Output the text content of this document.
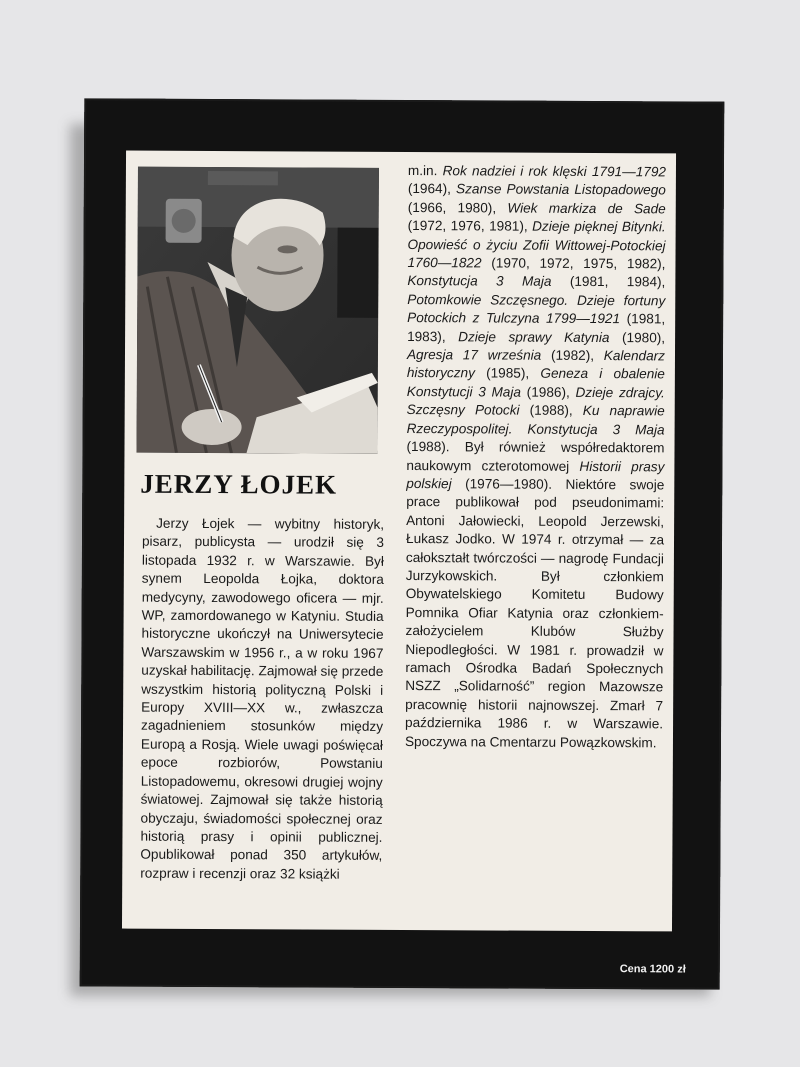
JERZY ŁOJEK
Jerzy Łojek — wybitny historyk, pisarz, publicysta — urodził się 3 listopada 1932 r. w Warszawie. Był synem Leopolda Łojka, doktora medycyny, zawodowego oficera — mjr. WP, zamordowanego w Katyniu. Studia historyczne ukończył na Uniwersytecie Warszawskim w 1956 r., a w roku 1967 uzyskał habilitację. Zajmował się przede wszystkim historią polityczną Polski i Europy XVIII—XX w., zwłaszcza zagadnieniem stosunków między Europą a Rosją. Wiele uwagi poświęcał epoce rozbiorów, Powstaniu Listopadowemu, okresowi drugiej wojny światowej. Zajmował się także historią obyczaju, świadomości społecznej oraz historią prasy i opinii publicznej. Opublikował ponad 350 artykułów, rozpraw i recenzji oraz 32 książki
m.in. Rok nadziei i rok klęski 1791—1792 (1964), Szanse Powstania Listopadowego (1966, 1980), Wiek markiza de Sade (1972, 1976, 1981), Dzieje pięknej Bitynki. Opowieść o życiu Zofii Wittowej-Potockiej 1760—1822 (1970, 1972, 1975, 1982), Konstytucja 3 Maja (1981, 1984), Potomkowie Szczęsnego. Dzieje fortuny Potockich z Tulczyna 1799—1921 (1981, 1983), Dzieje sprawy Katynia (1980), Agresja 17 września (1982), Kalendarz historyczny (1985), Geneza i obalenie Konstytucji 3 Maja (1986), Dzieje zdrajcy. Szczęsny Potocki (1988), Ku naprawie Rzeczypospolitej. Konstytucja 3 Maja (1988). Był również współredaktorem naukowym czterotomowej Historii prasy polskiej (1976—1980). Niektóre swoje prace publikował pod pseudonimami: Antoni Jałowiecki, Leopold Jerzewski, Łukasz Jodko. W 1974 r. otrzymał — za całokształt twórczości — nagrodę Fundacji Jurzykowskich. Był członkiem Obywatelskiego Komitetu Budowy Pomnika Ofiar Katynia oraz członkiem-założycielem Klubów Służby Niepodległości. W 1981 r. prowadził w ramach Ośrodka Badań Społecznych NSZZ „Solidarność” region Mazowsze pracownię historii najnowszej. Zmarł 7 października 1986 r. w Warszawie. Spoczywa na Cmentarzu Powązkowskim.
Cena 1200 zł
